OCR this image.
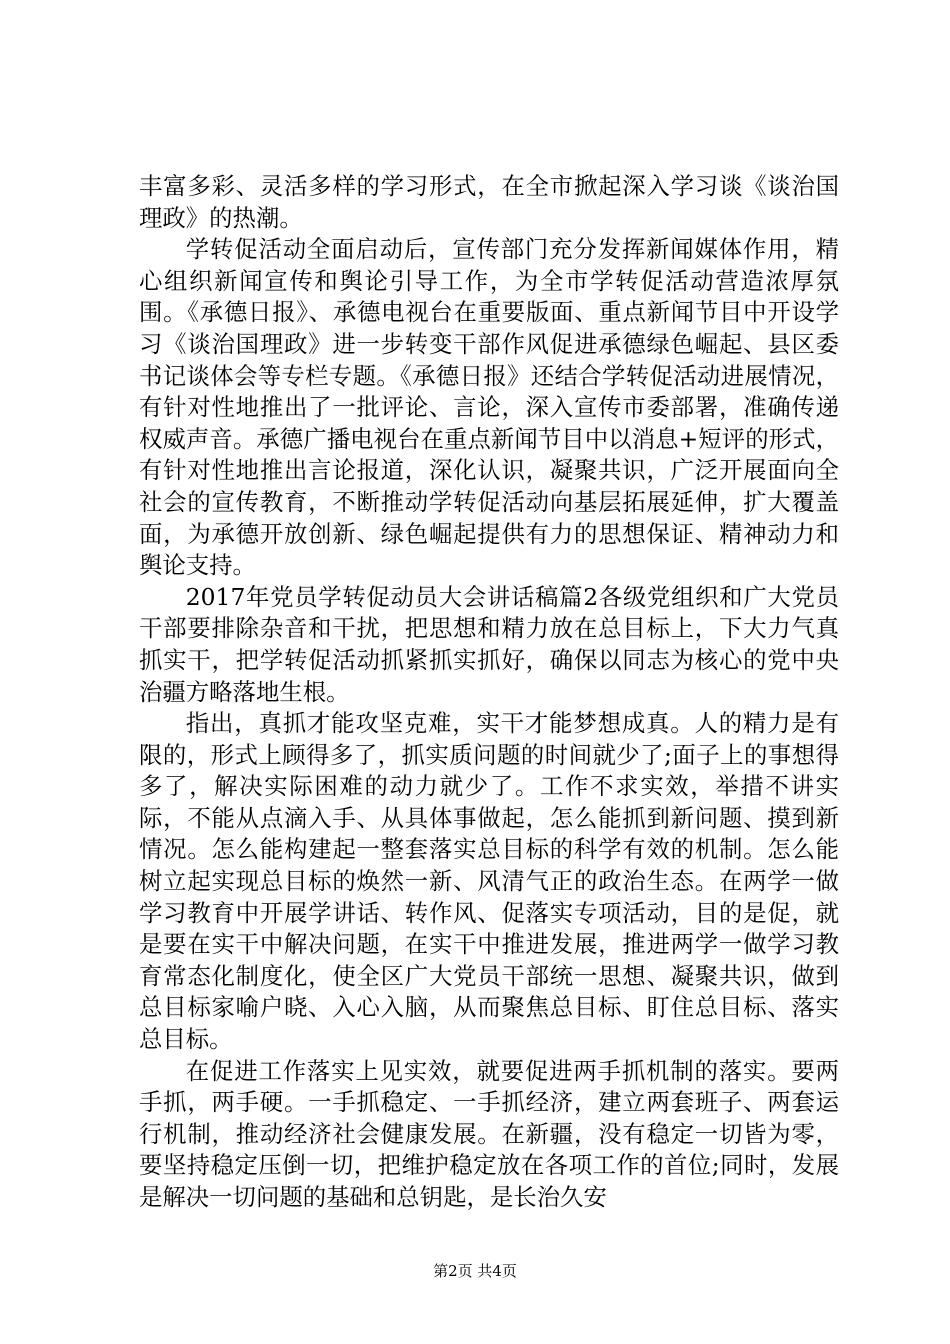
丰富多彩、灵活多样的学习形式，在全市掀起深入学习谈《谈治国理政》的热潮。

学转促活动全面启动后，宣传部门充分发挥新闻媒体作用，精心组织新闻宣传和舆论引导工作，为全市学转促活动营造浓厚氛围。《承德日报》、承德电视台在重要版面、重点新闻节目中开设学习《谈治国理政》进一步转变干部作风促进承德绿色崛起、县区委书记谈体会等专栏专题。《承德日报》还结合学转促活动进展情况，有针对性地推出了一批评论、言论，深入宣传市委部署，准确传递权威声音。承德广播电视台在重点新闻节目中以消息+短评的形式，有针对性地推出言论报道，深化认识，凝聚共识，广泛开展面向全社会的宣传教育，不断推动学转促活动向基层拓展延伸，扩大覆盖面，为承德开放创新、绿色崛起提供有力的思想保证、精神动力和舆论支持。

2017年党员学转促动员大会讲话稿篇2各级党组织和广大党员干部要排除杂音和干扰，把思想和精力放在总目标上，下大力气真抓实干，把学转促活动抓紧抓实抓好，确保以同志为核心的党中央治疆方略落地生根。

指出，真抓才能攻坚克难，实干才能梦想成真。人的精力是有限的，形式上顾得多了，抓实质问题的时间就少了;面子上的事想得多了，解决实际困难的动力就少了。工作不求实效，举措不讲实际，不能从点滴入手、从具体事做起，怎么能抓到新问题、摸到新情况。怎么能构建起一整套落实总目标的科学有效的机制。怎么能树立起实现总目标的焕然一新、风清气正的政治生态。在两学一做学习教育中开展学讲话、转作风、促落实专项活动，目的是促，就是要在实干中解决问题，在实干中推进发展，推进两学一做学习教育常态化制度化，使全区广大党员干部统一思想、凝聚共识，做到总目标家喻户晓、入心入脑，从而聚焦总目标、盯住总目标、落实总目标。

在促进工作落实上见实效，就要促进两手抓机制的落实。要两手抓，两手硬。一手抓稳定、一手抓经济，建立两套班子、两套运行机制，推动经济社会健康发展。在新疆，没有稳定一切皆为零，要坚持稳定压倒一切，把维护稳定放在各项工作的首位;同时，发展是解决一切问题的基础和总钥匙，是长治久安

第2页 共4页
